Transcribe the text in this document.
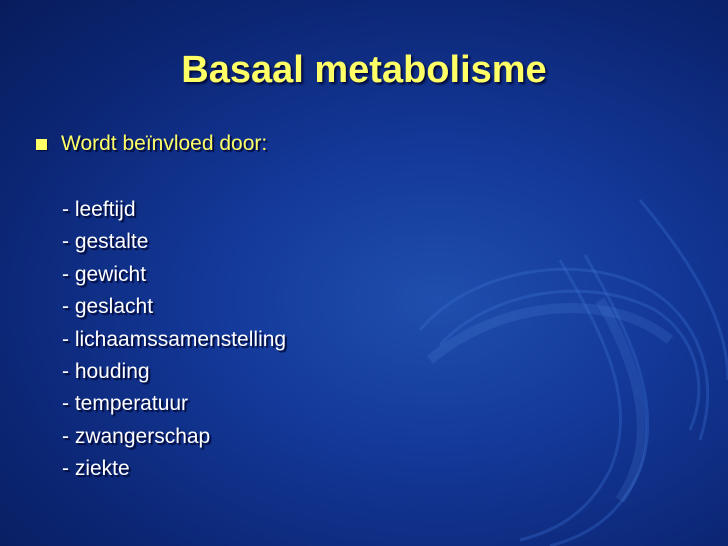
Basaal metabolisme
Wordt beïnvloed door:
- leeftijd
- gestalte
- gewicht
- geslacht
- lichaamssamenstelling
- houding
- temperatuur
- zwangerschap
- ziekte
